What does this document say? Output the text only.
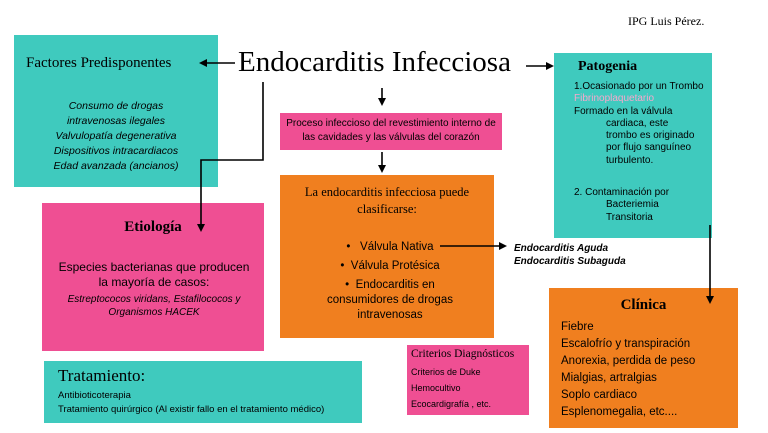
IPG Luis Pérez.
Endocarditis Infecciosa
Factores Predisponentes
Consumo de drogas intravenosas ilegales
Valvulopatía degenerativa
Dispositivos intracardiacos
Edad avanzada (ancianos)
Proceso infeccioso del revestimiento interno de las cavidades y las válvulas del corazón
La endocarditis infecciosa puede clasificarse:
•   Válvula Nativa
•  Válvula Protésica
•  Endocarditis en consumidores de drogas intravenosas
Endocarditis Aguda
Endocarditis Subaguda
Patogenia
1.Ocasionado por un Trombo Fibrinoplaquetario
Formado en la válvula
cardiaca, este
trombo es originado
por flujo sanguíneo
turbulento.
2. Contaminación por
Bacteriemia
Transitoria
Etiología
Especies bacterianas que producen la mayoría de casos:
Estreptococos viridans, Estafilococos y Organismos HACEK	Clínica
Fiebre
Escalofrío y transpiración
Anorexia, perdida de peso
Mialgias, artralgias
Soplo cardiaco
Esplenomegalia, etc....
Criterios Diagnósticos
Criterios de Duke
Hemocultivo
Ecocardigrafía , etc.
Tratamiento:
Antibioticoterapia
Tratamiento quirúrgico (Al existir fallo en el tratamiento médico)
